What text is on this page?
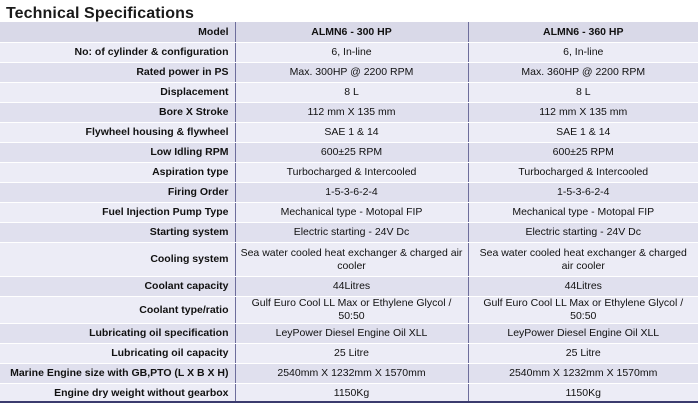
Technical Specifications
Model	ALMN6 - 300 HP	ALMN6 - 360 HP
No: of cylinder & configuration	6, In-line	6, In-line
Rated power in PS	Max. 300HP @ 2200 RPM	Max. 360HP @ 2200 RPM
Displacement	8 L	8 L
Bore X Stroke	112 mm X 135 mm	112 mm X 135 mm
Flywheel housing & flywheel	SAE 1 & 14	SAE 1 & 14
Low Idling RPM	600±25 RPM	600±25 RPM
Aspiration type	Turbocharged & Intercooled	Turbocharged & Intercooled
Firing Order	1-5-3-6-2-4	1-5-3-6-2-4
Fuel Injection Pump Type	Mechanical type - Motopal FIP	Mechanical type - Motopal FIP
Starting system	Electric starting - 24V Dc	Electric starting - 24V Dc
Cooling system	Sea water cooled heat exchanger & charged air cooler	Sea water cooled heat exchanger & charged air cooler
Coolant capacity	44Litres	44Litres
Coolant type/ratio	Gulf Euro Cool LL Max or Ethylene Glycol / 50:50	Gulf Euro Cool LL Max or Ethylene Glycol / 50:50
Lubricating oil specification	LeyPower Diesel Engine Oil XLL	LeyPower Diesel Engine Oil XLL
Lubricating oil capacity	25 Litre	25 Litre
Marine Engine size with GB,PTO (L X B X H)	2540mm X 1232mm X 1570mm	2540mm X 1232mm X 1570mm
Engine dry weight without gearbox	1150Kg	1150Kg
